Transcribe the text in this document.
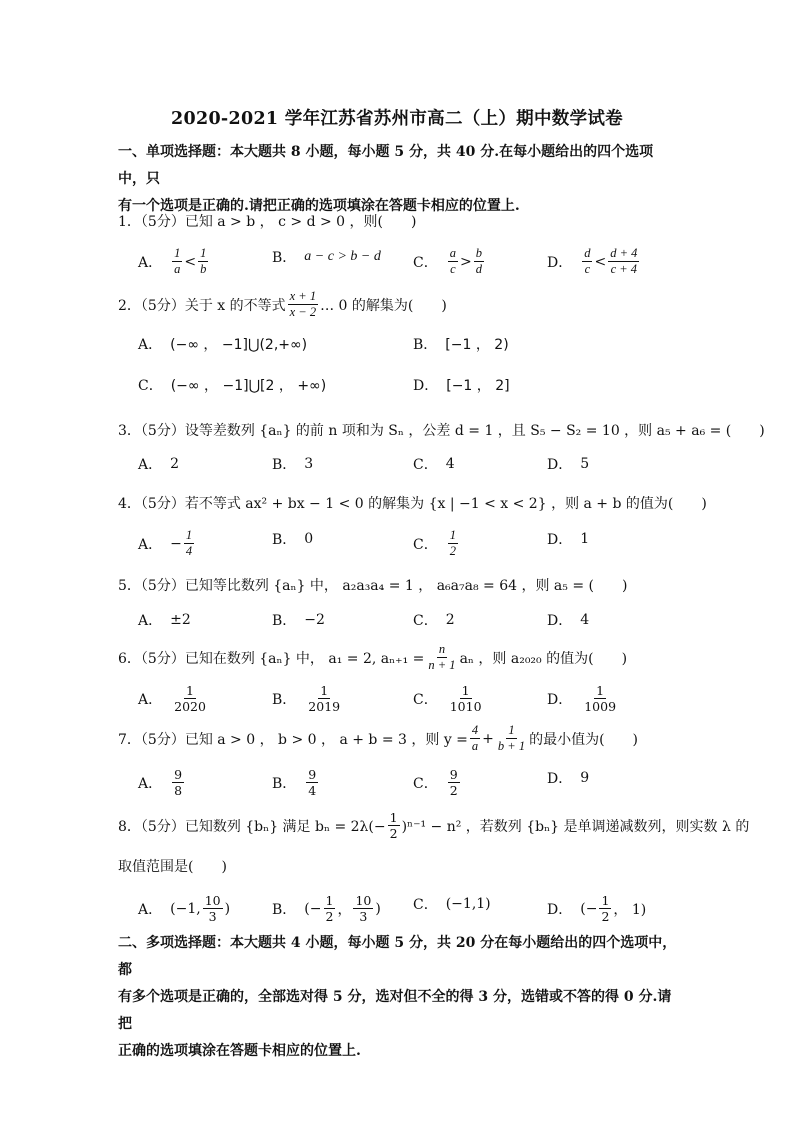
2020-2021 学年江苏省苏州市高二（上）期中数学试卷
一、单项选择题：本大题共 8 小题，每小题 5 分，共 40 分.在每小题给出的四个选项中，只
有一个选项是正确的.请把正确的选项填涂在答题卡相应的位置上.
1．（5分）已知 a > b ， c > d > 0 ，则(　　)
A． $\frac{1}{a} < \frac{1}{b}$	B． a − c > b − d C． $\frac{a}{c} > \frac{b}{d}$	D． $\frac{d}{c} < \frac{d + 4}{c + 4}$
2．（5分）关于 x 的不等式 $\frac{x + 1}{x - 2}$ … 0 的解集为(　　)
A． (−∞ ， −1]⋃(2,+∞)	B． [−1 ， 2)
C． (−∞ ， −1]⋃[2 ， +∞)	D． [−1 ， 2]
3．（5分）设等差数列 {aₙ} 的前 n 项和为 Sₙ ，公差 d = 1 ，且 S₅ − S₂ = 10 ，则 a₅ + a₆ = (　　)
A． 2	B． 3	C． 4	D． 5
4．（5分）若不等式 ax² + bx − 1 < 0 的解集为 {x | −1 < x < 2} ，则 a + b 的值为(　　)
A． − $\frac{1}{4}$	B． 0	C． $\frac{1}{2}$	D． 1
5．（5分）已知等比数列 {aₙ} 中， a₂a₃a₄ = 1 ， a₆a₇a₈ = 64 ，则 a₅ = (　　)
A． ±2	B． −2	C． 2	D． 4
6．（5分）已知在数列 {aₙ} 中， a₁ = 2, $a_{n+1} = \frac{n}{n + 1}$ aₙ ，则 a₂₀₂₀ 的值为(　　)
A． $\frac{1}{2020}$	B． $\frac{1}{2019}$	C． $\frac{1}{1010}$	D． $\frac{1}{1009}$
7．（5分）已知 a > 0 ， b > 0 ， a + b = 3 ，则 $y = \frac{4}{a} + \frac{1}{b + 1}$ 的最小值为(　　)
A． $\frac{9}{8}$	B． $\frac{9}{4}$	C． $\frac{9}{2}$	D． 9
8．（5分）已知数列 {bₙ} 满足 $b_n = 2\lambda(- \frac{1}{2} )^{n-1} - n^2$ ，若数列 {bₙ} 是单调递减数列，则实数 λ 的
取值范围是(　　)
A． (−1, $\frac{10}{3}$ )	B． (− $\frac{1}{2}$ ， $\frac{10}{3}$ ) C． (−1,1)	D． (− $\frac{1}{2}$ ， 1)
二、多项选择题：本大题共 4 小题，每小题 5 分，共 20 分在每小题给出的四个选项中，都
有多个选项是正确的，全部选对得 5 分，选对但不全的得 3 分，选错或不答的得 0 分.请把
正确的选项填涂在答题卡相应的位置上.
